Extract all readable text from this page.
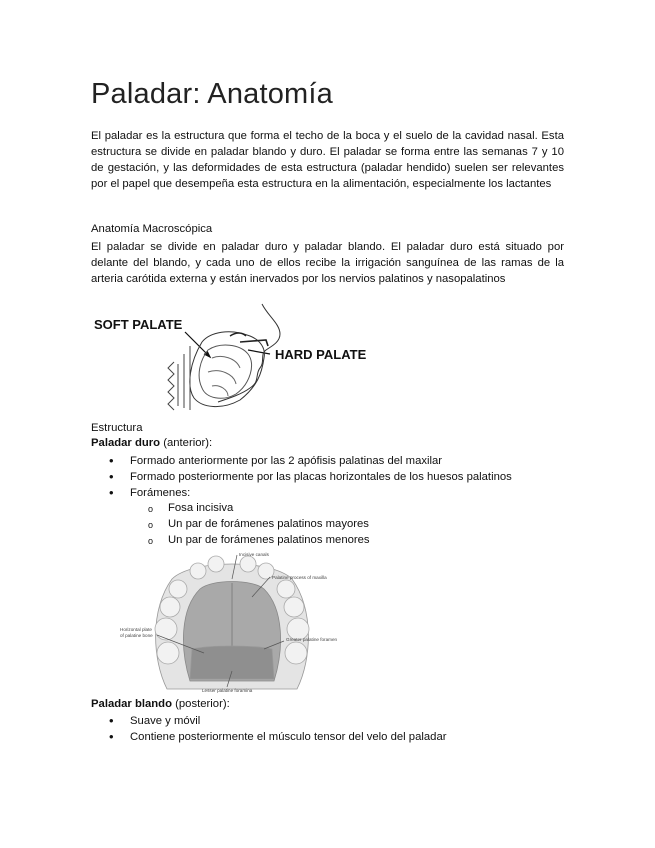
Paladar: Anatomía

El paladar es la estructura que forma el techo de la boca y el suelo de la cavidad nasal. Esta estructura se divide en paladar blando y duro. El paladar se forma entre las semanas 7 y 10 de gestación, y las deformidades de esta estructura (paladar hendido) suelen ser relevantes por el papel que desempeña esta estructura en la alimentación, especialmente los lactantes

Anatomía Macroscópica

El paladar se divide en paladar duro y paladar blando. El paladar duro está situado por delante del blando, y cada uno de ellos recibe la irrigación sanguínea de las ramas de la arteria carótida externa y están inervados por los nervios palatinos y nasopalatinos

SOFT PALATE
HARD PALATE
Estructura
Paladar duro (anterior):
• Formado anteriormente por las 2 apófisis palatinas del maxilar
• Formado posteriormente por las placas horizontales de los huesos palatinos
• Forámenes:
o Fosa incisiva
o Un par de forámenes palatinos mayores
o Un par de forámenes palatinos menores
Incisive canals
Palatine process of maxilla
Horizontal plate
of palatine bone
Greater palatine foramen
Lesser palatine foramina
Paladar blando (posterior):
• Suave y móvil
• Contiene posteriormente el músculo tensor del velo del paladar
